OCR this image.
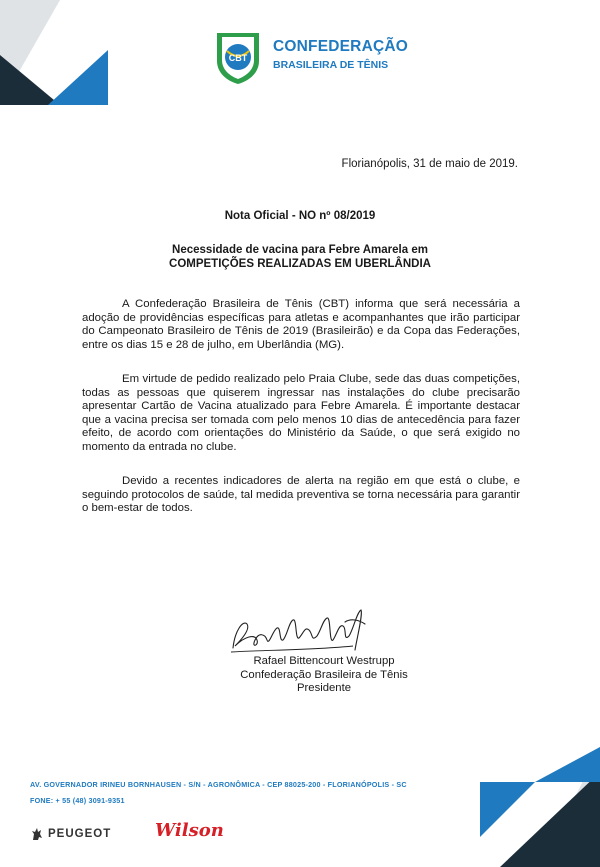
CBT
CONFEDERAÇÃO
BRASILEIRA DE TÊNIS
Florianópolis, 31 de maio de 2019.
Nota Oficial - NO nº 08/2019
Necessidade de vacina para Febre Amarela em
COMPETIÇÕES REALIZADAS EM UBERLÂNDIA

A Confederação Brasileira de Tênis (CBT) informa que será necessária a adoção de providências específicas para atletas e acompanhantes que irão participar do Campeonato Brasileiro de Tênis de 2019 (Brasileirão) e da Copa das Federações, entre os dias 15 e 28 de julho, em Uberlândia (MG).

Em virtude de pedido realizado pelo Praia Clube, sede das duas competições, todas as pessoas que quiserem ingressar nas instalações do clube precisarão apresentar Cartão de Vacina atualizado para Febre Amarela. É importante destacar que a vacina precisa ser tomada com pelo menos 10 dias de antecedência para fazer efeito, de acordo com orientações do Ministério da Saúde, o que será exigido no momento da entrada no clube.

Devido a recentes indicadores de alerta na região em que está o clube, e seguindo protocolos de saúde, tal medida preventiva se torna necessária para garantir o bem-estar de todos.

Rafael Bittencourt Westrupp
Confederação Brasileira de Tênis
Presidente
AV. GOVERNADOR IRINEU BORNHAUSEN - S/N - AGRONÔMICA - CEP 88025-200 - FLORIANÓPOLIS - SC
FONE: + 55 (48) 3091-9351
PEUGEOT Wilson
